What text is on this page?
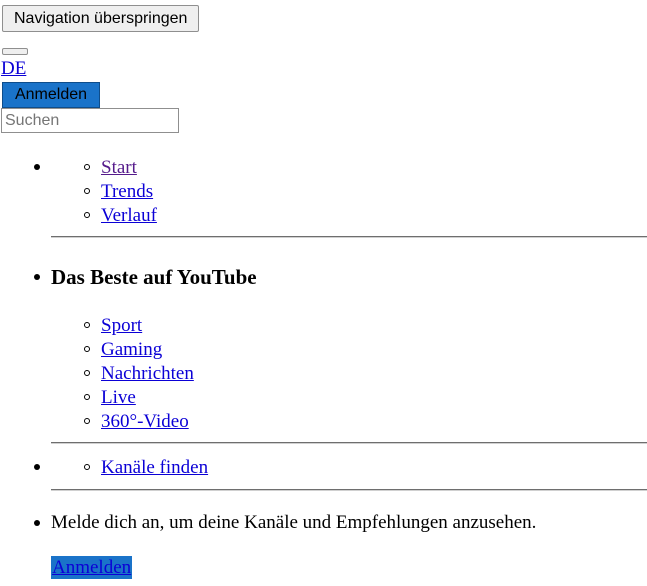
Navigation überspringen
DE
Anmelden
Suchen
Start
Trends
Verlauf
Das Beste auf YouTube
Sport
Gaming
Nachrichten
Live
360°-Video
Kanäle finden
Melde dich an, um deine Kanäle und Empfehlungen anzusehen.
Anmelden
